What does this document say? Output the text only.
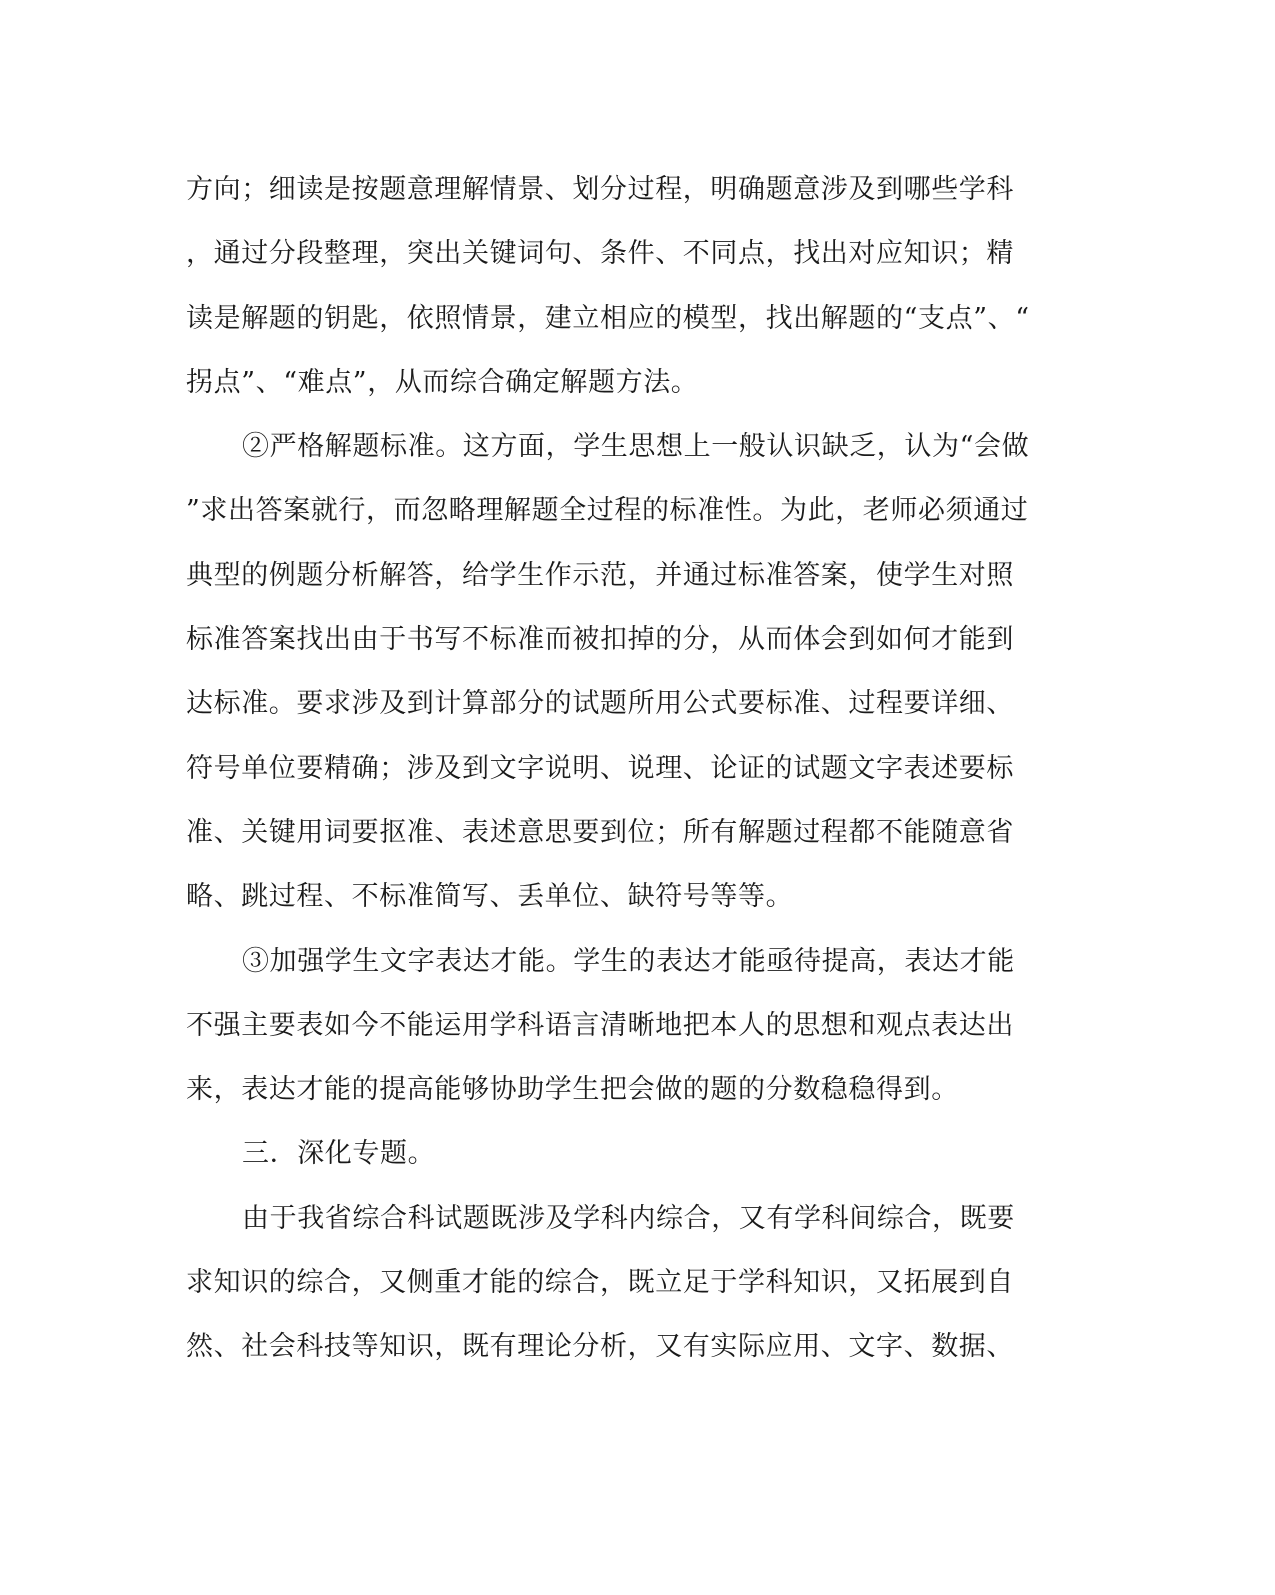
方向；细读是按题意理解情景、划分过程，明确题意涉及到哪些学科
，通过分段整理，突出关键词句、条件、不同点，找出对应知识；精
读是解题的钥匙，依照情景，建立相应的模型，找出解题的“支点”、“
拐点”、“难点”，从而综合确定解题方法。
②严格解题标准。这方面，学生思想上一般认识缺乏，认为“会做
”求出答案就行，而忽略理解题全过程的标准性。为此，老师必须通过
典型的例题分析解答，给学生作示范，并通过标准答案，使学生对照
标准答案找出由于书写不标准而被扣掉的分，从而体会到如何才能到
达标准。要求涉及到计算部分的试题所用公式要标准、过程要详细、
符号单位要精确；涉及到文字说明、说理、论证的试题文字表述要标
准、关键用词要抠准、表述意思要到位；所有解题过程都不能随意省
略、跳过程、不标准简写、丢单位、缺符号等等。
③加强学生文字表达才能。学生的表达才能亟待提高，表达才能
不强主要表如今不能运用学科语言清晰地把本人的思想和观点表达出
来，表达才能的提高能够协助学生把会做的题的分数稳稳得到。
三．深化专题。
由于我省综合科试题既涉及学科内综合，又有学科间综合，既要
求知识的综合，又侧重才能的综合，既立足于学科知识，又拓展到自
然、社会科技等知识，既有理论分析，又有实际应用、文字、数据、
